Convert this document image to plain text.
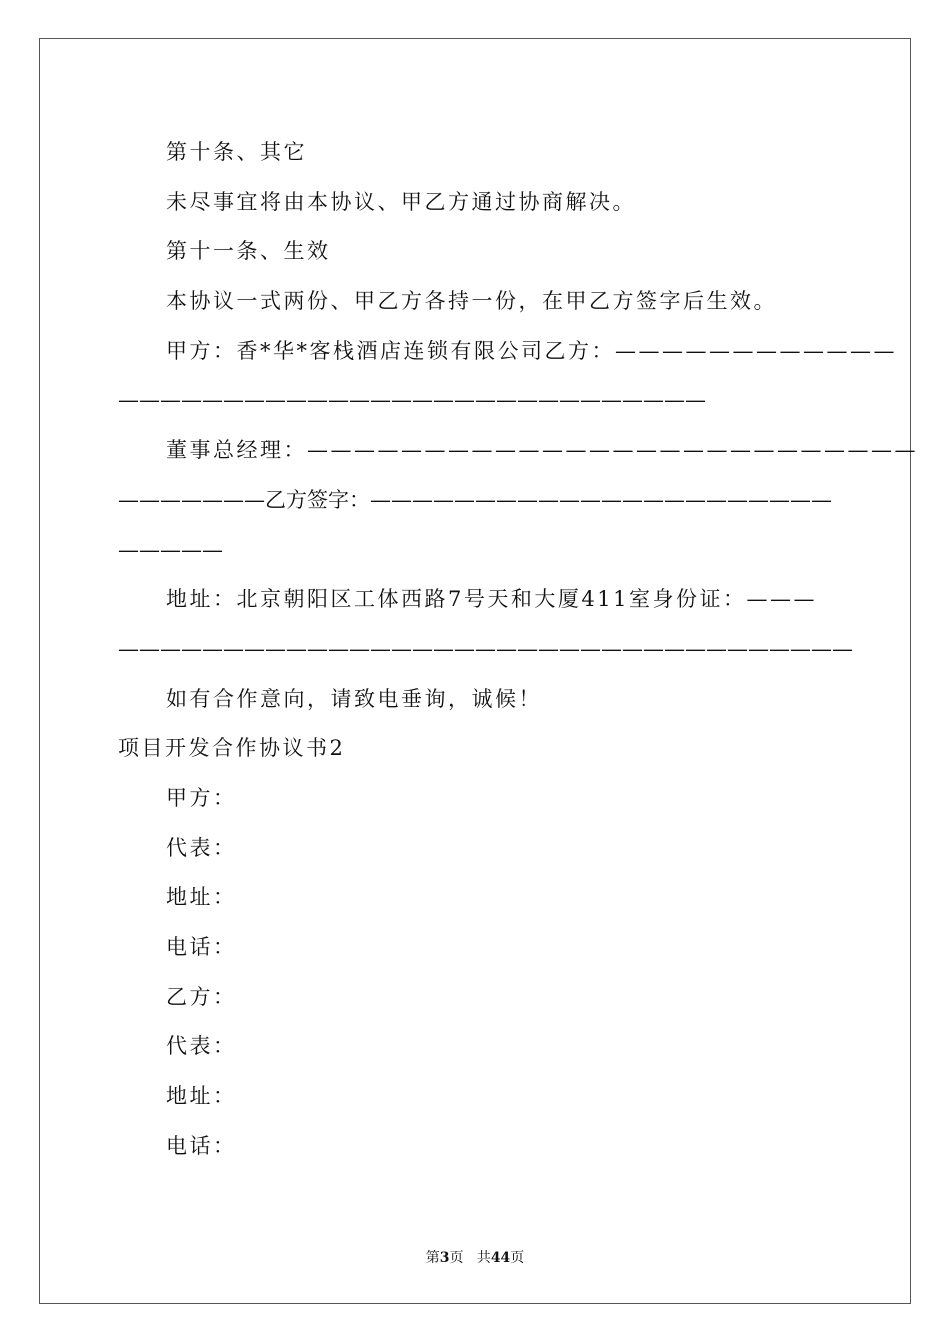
第十条、其它
未尽事宜将由本协议、甲乙方通过协商解决。
第十一条、生效
本协议一式两份、甲乙方各持一份，在甲乙方签字后生效。
甲方：香*华*客栈酒店连锁有限公司乙方：————————————
————————————————————————————
董事总经理：——————————————————————————
———————乙方签字：——————————————————————
—————
地址：北京朝阳区工体西路7号天和大厦411室身份证：———
———————————————————————————————————
如有合作意向，请致电垂询，诚候！
项目开发合作协议书2
甲方：
代表：
地址：
电话：
乙方：
代表：
地址：
电话：
第3页 共44页
